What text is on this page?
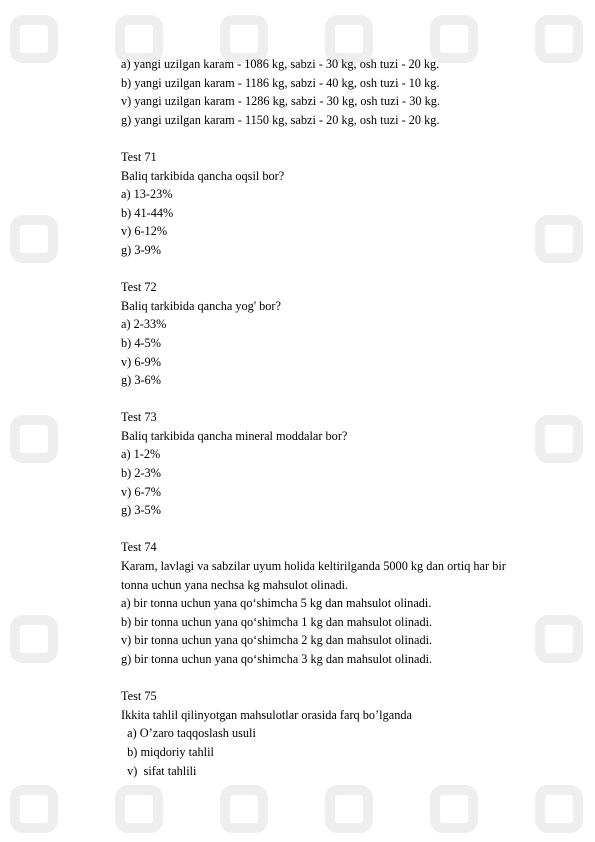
a) yangi uzilgan karam - 1086 kg, sabzi - 30 kg, osh tuzi - 20 kg.
b) yangi uzilgan karam - 1186 kg, sabzi - 40 kg, osh tuzi - 10 kg.
v) yangi uzilgan karam - 1286 kg, sabzi - 30 kg, osh tuzi - 30 kg.
g) yangi uzilgan karam - 1150 kg, sabzi - 20 kg, osh tuzi - 20 kg.
Test 71
Baliq tarkibida qancha oqsil bor?
a) 13-23%
b) 41-44%
v) 6-12%
g) 3-9%
Test 72
Baliq tarkibida qancha yog' bor?
a) 2-33%
b) 4-5%
v) 6-9%
g) 3-6%
Test 73
Baliq tarkibida qancha mineral moddalar bor?
a) 1-2%
b) 2-3%
v) 6-7%
g) 3-5%
Test 74
Karam, lavlagi va sabzilar uyum holida keltirilganda 5000 kg dan ortiq har bir
tonna uchun yana nechsa kg mahsulot olinadi.
a) bir tonna uchun yana qo‘shimcha 5 kg dan mahsulot olinadi.
b) bir tonna uchun yana qo‘shimcha 1 kg dan mahsulot olinadi.
v) bir tonna uchun yana qo‘shimcha 2 kg dan mahsulot olinadi.
g) bir tonna uchun yana qo‘shimcha 3 kg dan mahsulot olinadi.
Test 75
Ikkita tahlil qilinyotgan mahsulotlar orasida farq bo’lganda
a) O’zaro taqqoslash usuli
b) miqdoriy tahlil
v)  sifat tahlili
